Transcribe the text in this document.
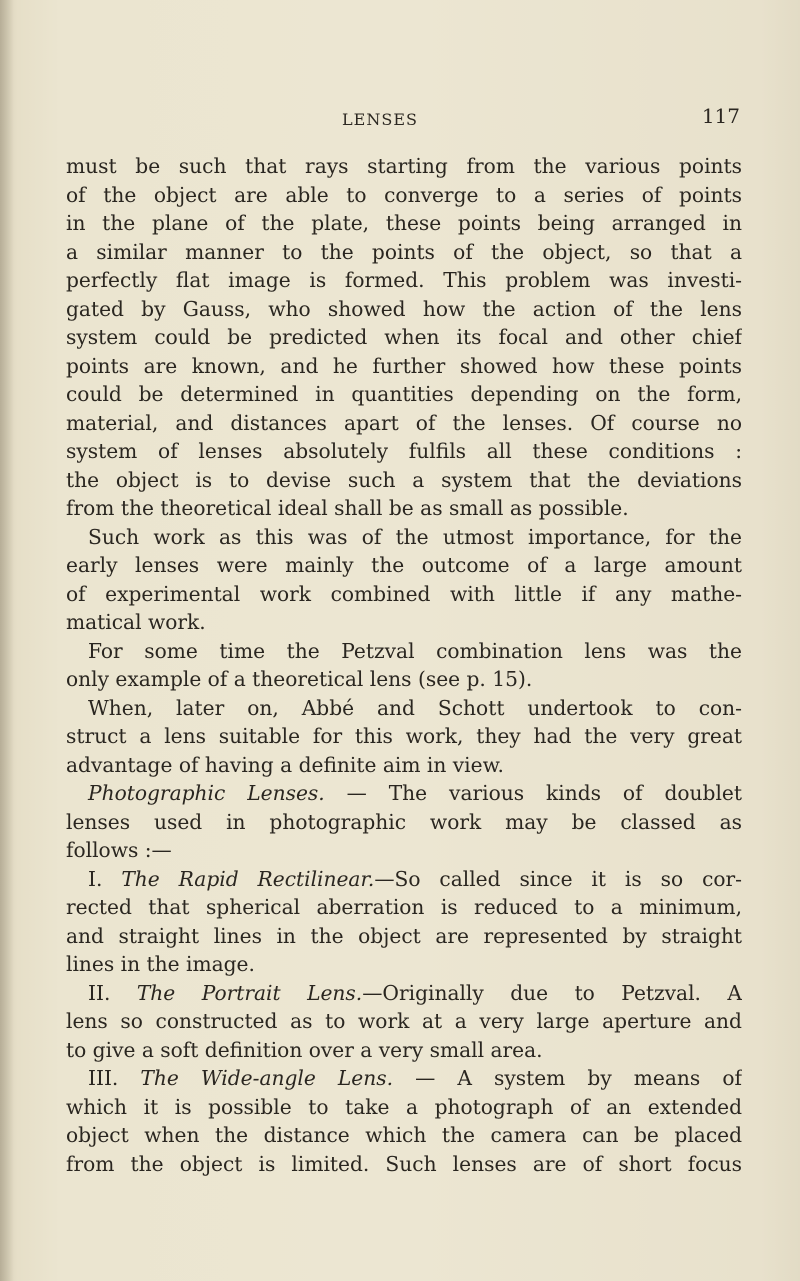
LENSES	117
must be such that rays starting from the various points
of the object are able to converge to a series of points
in the plane of the plate, these points being arranged in
a similar manner to the points of the object, so that a
perfectly flat image is formed. This problem was investi-
gated by Gauss, who showed how the action of the lens
system could be predicted when its focal and other chief
points are known, and he further showed how these points
could be determined in quantities depending on the form,
material, and distances apart of the lenses. Of course no
system of lenses absolutely fulfils all these conditions :
the object is to devise such a system that the deviations
from the theoretical ideal shall be as small as possible.
Such work as this was of the utmost importance, for the
early lenses were mainly the outcome of a large amount
of experimental work combined with little if any mathe-
matical work.
For some time the Petzval combination lens was the
only example of a theoretical lens (see p. 15).
When, later on, Abbé and Schott undertook to con-
struct a lens suitable for this work, they had the very great
advantage of having a definite aim in view.
Photographic Lenses. — The various kinds of doublet
lenses used in photographic work may be classed as
follows :—
I. The Rapid Rectilinear.—So called since it is so cor-
rected that spherical aberration is reduced to a minimum,
and straight lines in the object are represented by straight
lines in the image.
II. The Portrait Lens.—Originally due to Petzval. A
lens so constructed as to work at a very large aperture and
to give a soft definition over a very small area.
III. The Wide-angle Lens. — A system by means of
which it is possible to take a photograph of an extended
object when the distance which the camera can be placed
from the object is limited. Such lenses are of short focus
